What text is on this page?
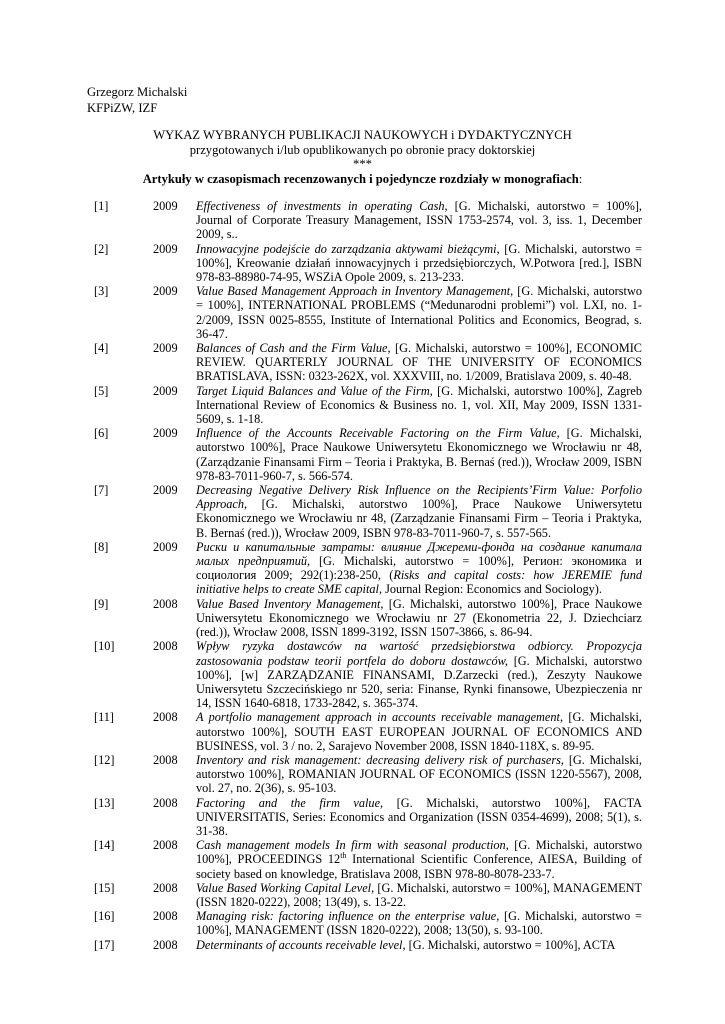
Grzegorz Michalski
KFPiZW, IZF
WYKAZ WYBRANYCH PUBLIKACJI NAUKOWYCH i DYDAKTYCZNYCH
przygotowanych i/lub opublikowanych po obronie pracy doktorskiej
***
Artykuły w czasopismach recenzowanych i pojedyncze rozdziały w monografiach:
[1]	2009	Effectiveness of investments in operating Cash, [G. Michalski, autorstwo = 100%], Journal of Corporate Treasury Management, ISSN 1753-2574, vol. 3, iss. 1, December 2009, s..
[2]	2009	Innowacyjne podejście do zarządzania aktywami bieżącymi, [G. Michalski, autorstwo = 100%], Kreowanie działań innowacyjnych i przedsiębiorczych, W.Potwora [red.], ISBN 978-83-88980-74-95, WSZiA Opole 2009, s. 213-233.
[3]	2009	Value Based Management Approach in Inventory Management, [G. Michalski, autorstwo = 100%], INTERNATIONAL PROBLEMS (“Medunarodni problemi”) vol. LXI, no. 1-2/2009, ISSN 0025-8555, Institute of International Politics and Economics, Beograd, s. 36-47.
[4]	2009	Balances of Cash and the Firm Value, [G. Michalski, autorstwo = 100%], ECONOMIC REVIEW. QUARTERLY JOURNAL OF THE UNIVERSITY OF ECONOMICS BRATISLAVA, ISSN: 0323-262X, vol. XXXVIII, no. 1/2009, Bratislava 2009, s. 40-48.
[5]	2009	Target Liquid Balances and Value of the Firm, [G. Michalski, autorstwo 100%], Zagreb International Review of Economics & Business no. 1, vol. XII, May 2009, ISSN 1331-5609, s. 1-18.
[6]	2009	Influence of the Accounts Receivable Factoring on the Firm Value, [G. Michalski, autorstwo 100%], Prace Naukowe Uniwersytetu Ekonomicznego we Wrocławiu nr 48, (Zarządzanie Finansami Firm – Teoria i Praktyka, B. Bernaś (red.)), Wrocław 2009, ISBN 978-83-7011-960-7, s. 566-574.
[7]	2009	Decreasing Negative Delivery Risk Influence on the Recipients’Firm Value: Porfolio Approach, [G. Michalski, autorstwo 100%], Prace Naukowe Uniwersytetu Ekonomicznego we Wrocławiu nr 48, (Zarządzanie Finansami Firm – Teoria i Praktyka, B. Bernaś (red.)), Wrocław 2009, ISBN 978-83-7011-960-7, s. 557-565.
[8]	2009	Риски и капитальные затраты: влияние Джереми-фонда на создание капитала малых предприятий, [G. Michalski, autorstwo = 100%], Регион: экономика и социология 2009; 292(1):238-250, (Risks and capital costs: how JEREMIE fund initiative helps to create SME capital, Journal Region: Economics and Sociology).
[9]	2008	Value Based Inventory Management, [G. Michalski, autorstwo 100%], Prace Naukowe Uniwersytetu Ekonomicznego we Wrocławiu nr 27 (Ekonometria 22, J. Dziechciarz (red.)), Wrocław 2008, ISSN 1899-3192, ISSN 1507-3866, s. 86-94.
[10]	2008	Wpływ ryzyka dostawców na wartość przedsiębiorstwa odbiorcy. Propozycja zastosowania podstaw teorii portfela do doboru dostawców, [G. Michalski, autorstwo 100%], [w] ZARZĄDZANIE FINANSAMI, D.Zarzecki (red.), Zeszyty Naukowe Uniwersytetu Szczecińskiego nr 520, seria: Finanse, Rynki finansowe, Ubezpieczenia nr 14, ISSN 1640-6818, 1733-2842, s. 365-374.
[11]	2008	A portfolio management approach in accounts receivable management, [G. Michalski, autorstwo 100%], SOUTH EAST EUROPEAN JOURNAL OF ECONOMICS AND BUSINESS, vol. 3 / no. 2, Sarajevo November 2008, ISSN 1840-118X, s. 89-95.
[12]	2008	Inventory and risk management: decreasing delivery risk of purchasers, [G. Michalski, autorstwo 100%], ROMANIAN JOURNAL OF ECONOMICS (ISSN 1220-5567), 2008, vol. 27, no. 2(36), s. 95-103.
[13]	2008	Factoring and the firm value, [G. Michalski, autorstwo 100%], FACTA UNIVERSITATIS, Series: Economics and Organization (ISSN 0354-4699), 2008; 5(1), s. 31-38.
[14]	2008	Cash management models In firm with seasonal production, [G. Michalski, autorstwo 100%], PROCEEDINGS 12th International Scientific Conference, AIESA, Building of society based on knowledge, Bratislava 2008, ISBN 978-80-8078-233-7.
[15]	2008	Value Based Working Capital Level, [G. Michalski, autorstwo = 100%], MANAGEMENT (ISSN 1820-0222), 2008; 13(49), s. 13-22.
[16]	2008	Managing risk: factoring influence on the enterprise value, [G. Michalski, autorstwo = 100%], MANAGEMENT (ISSN 1820-0222), 2008; 13(50), s. 93-100.
[17]	2008	Determinants of accounts receivable level, [G. Michalski, autorstwo = 100%], ACTA
